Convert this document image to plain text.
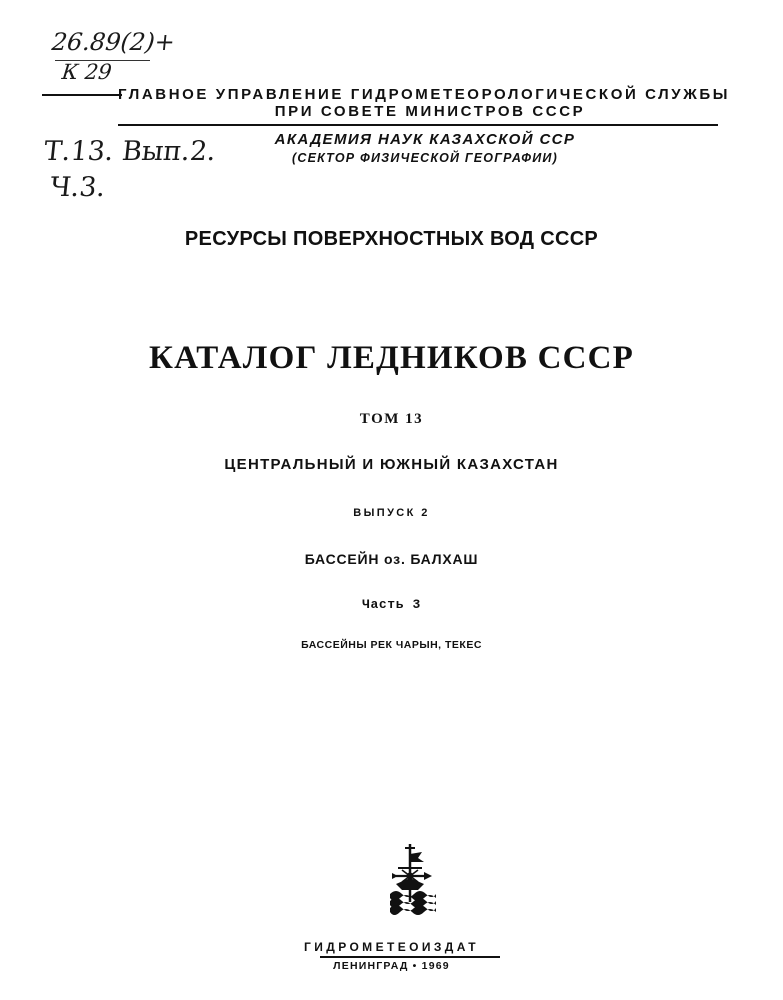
26.89(2)+
К 29
Т.13. Вып.2.
Ч.3.
ГЛАВНОЕ УПРАВЛЕНИЕ ГИДРОМЕТЕОРОЛОГИЧЕСКОЙ СЛУЖБЫ
ПРИ СОВЕТЕ МИНИСТРОВ СССР
АКАДЕМИЯ НАУК КАЗАХСКОЙ ССР
(СЕКТОР ФИЗИЧЕСКОЙ ГЕОГРАФИИ)
РЕСУРСЫ ПОВЕРХНОСТНЫХ ВОД СССР
КАТАЛОГ ЛЕДНИКОВ СССР
ТОМ 13
ЦЕНТРАЛЬНЫЙ И ЮЖНЫЙ КАЗАХСТАН
ВЫПУСК 2
БАССЕЙН оз. БАЛХАШ
Часть 3
БАССЕЙНЫ РЕК ЧАРЫН, ТЕКЕС
ГИДРОМЕТЕОИЗДАТ
ЛЕНИНГРАД • 1969
